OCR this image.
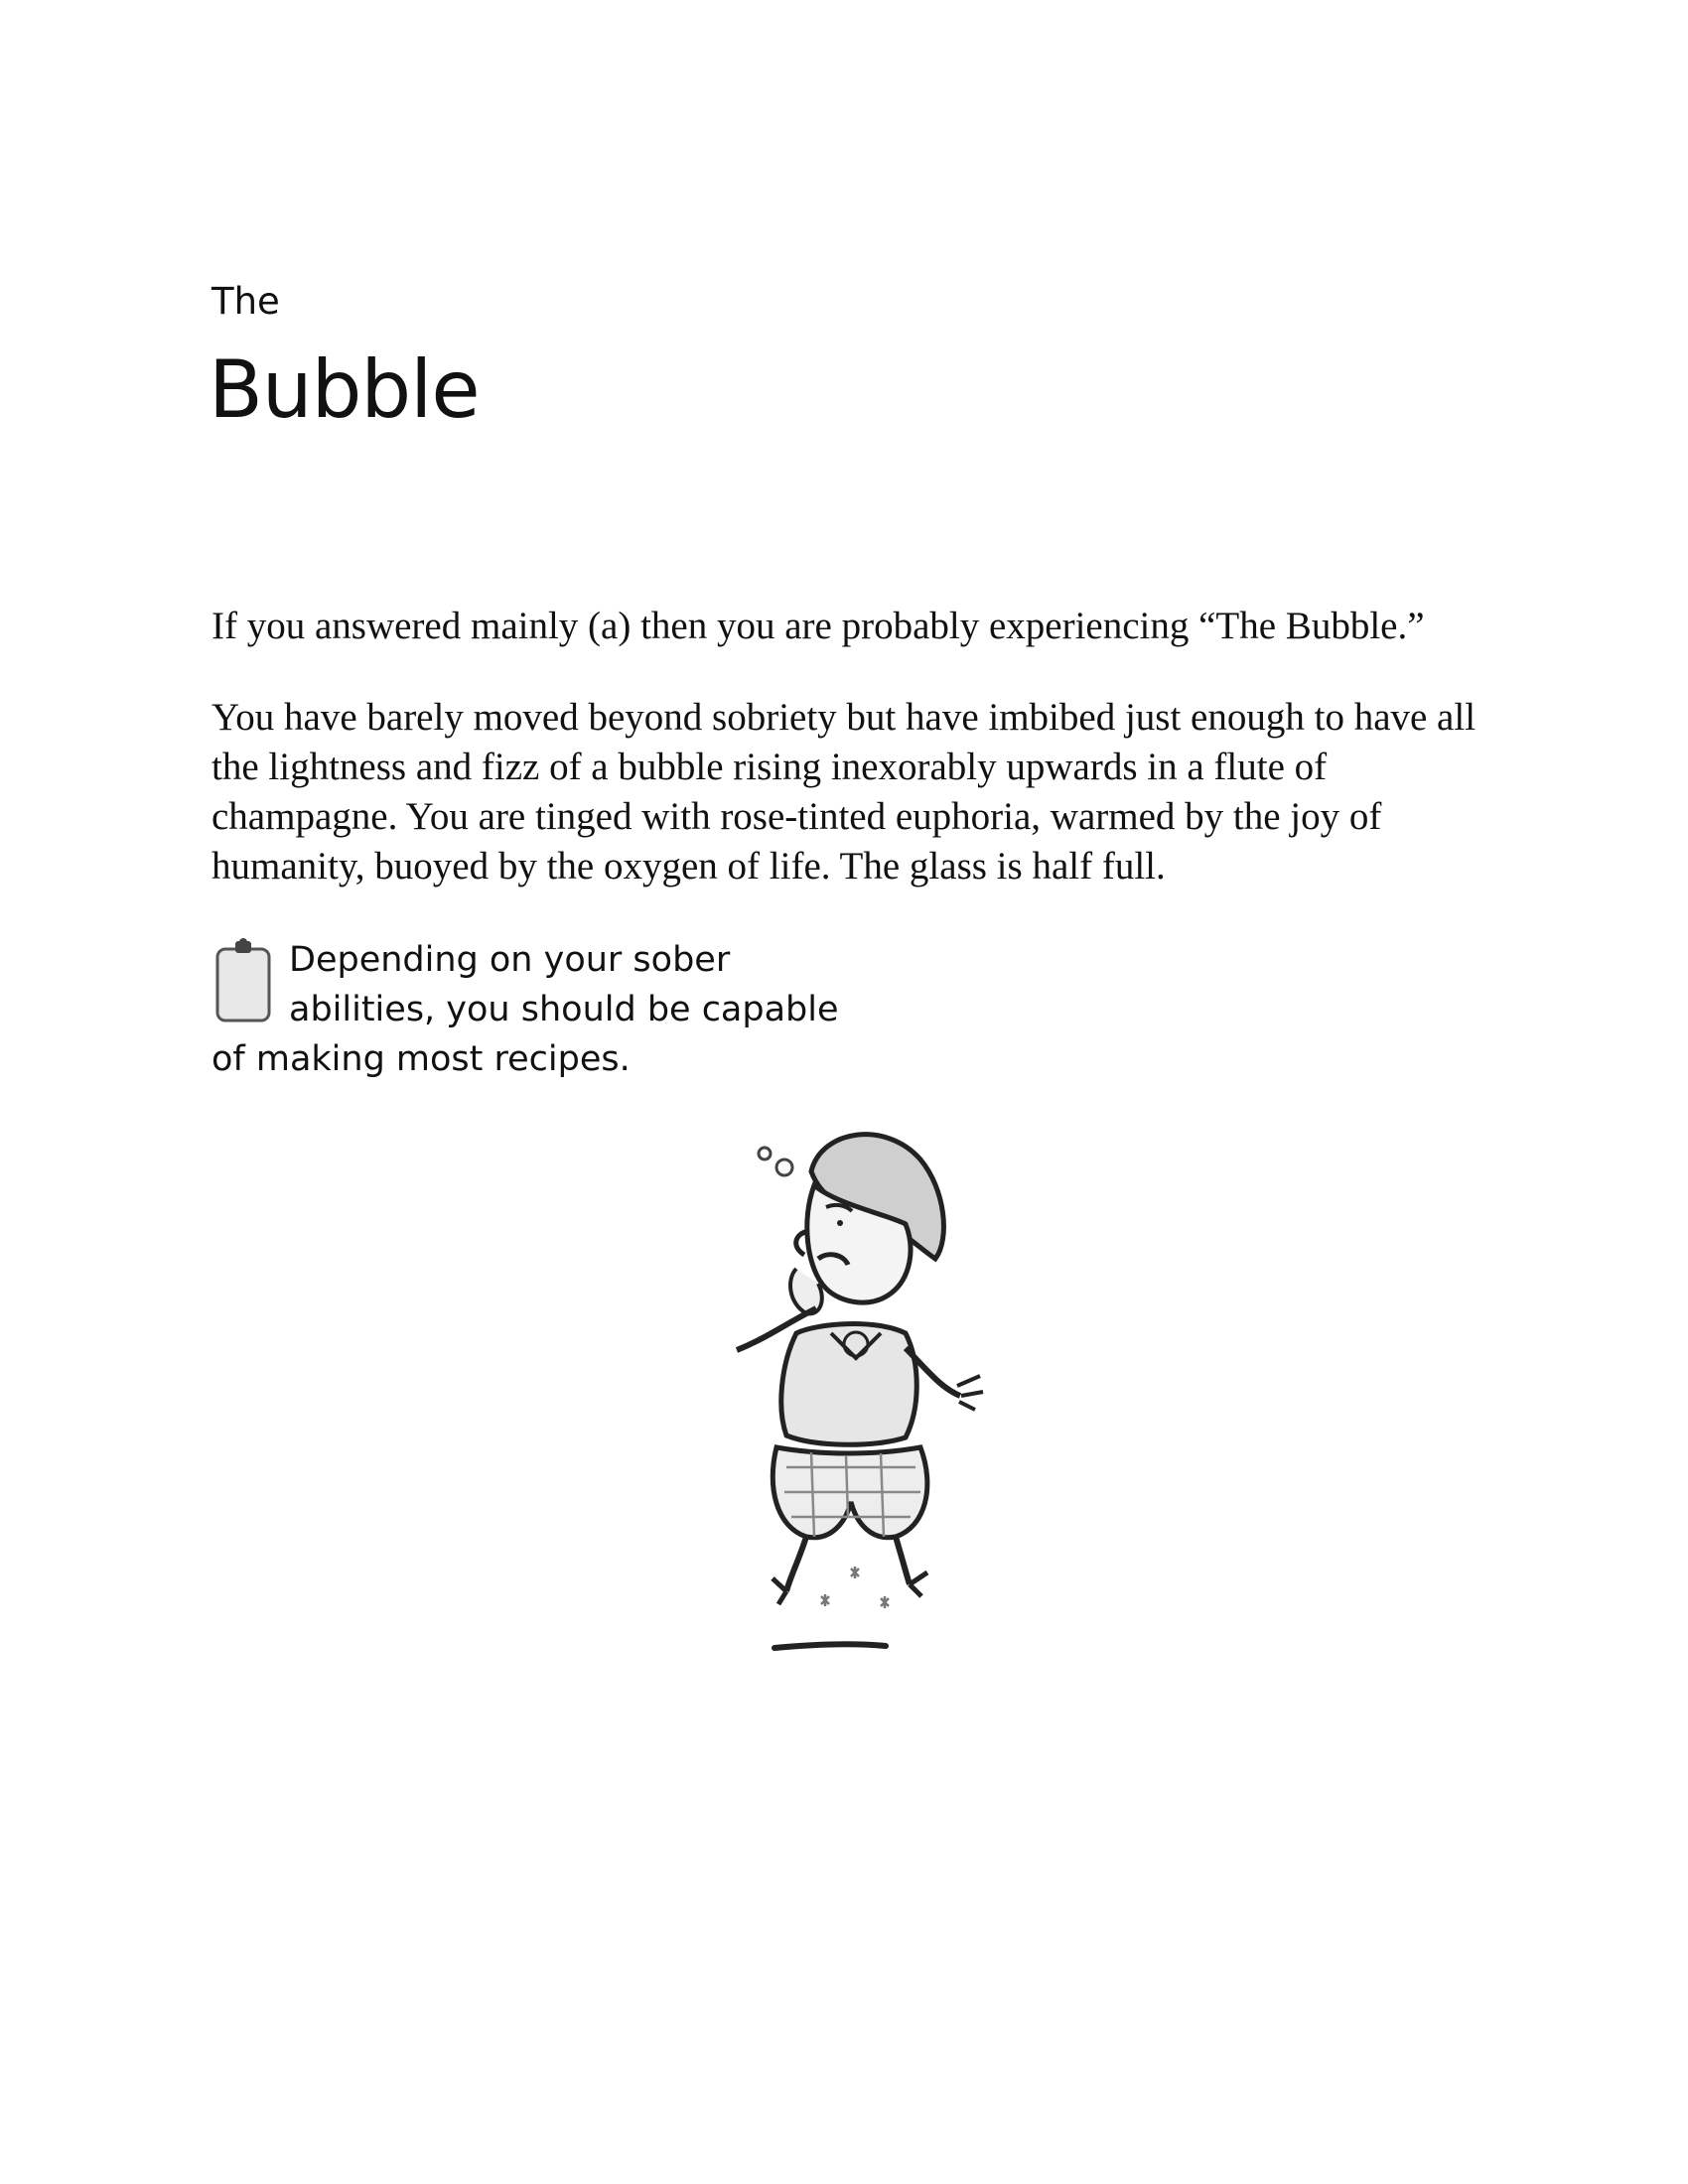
The
Bubble

If you answered mainly (a) then you are probably experiencing “The Bubble.”

You have barely moved beyond sobriety but have imbibed just enough to have all the lightness and fizz of a bubble rising inexorably upwards in a flute of champagne. You are tinged with rose-tinted euphoria, warmed by the joy of humanity, buoyed by the oxygen of life. The glass is half full.

Depending on your sober abilities, you should be capable of making most recipes.
